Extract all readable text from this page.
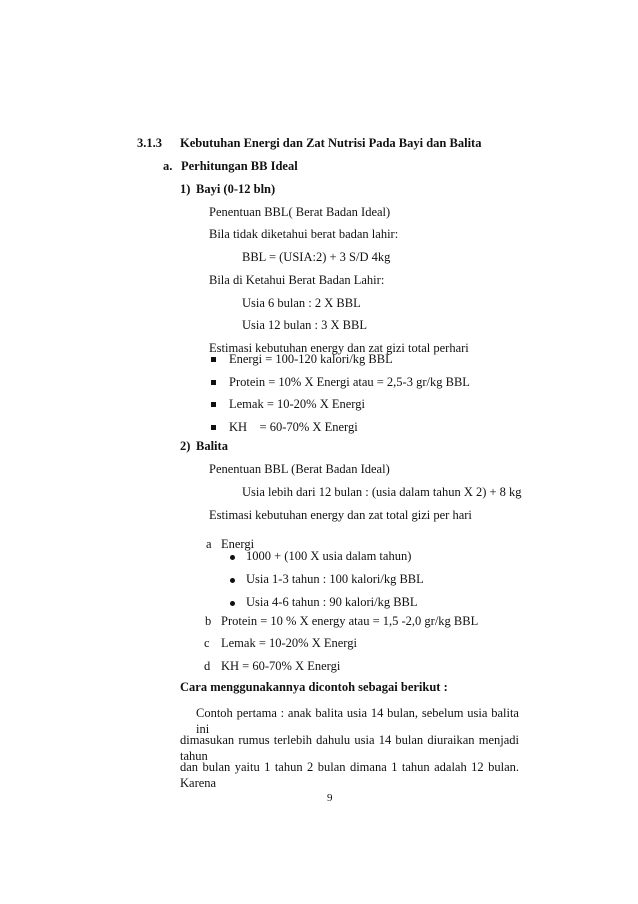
3.1.3 Kebutuhan Energi dan Zat Nutrisi Pada Bayi dan Balita
a. Perhitungan BB Ideal
1) Bayi (0-12 bln)
Penentuan BBL( Berat Badan Ideal)
Bila tidak diketahui berat badan lahir:
BBL = (USIA:2) + 3 S/D 4kg
Bila di Ketahui Berat Badan Lahir:
Usia 6 bulan : 2 X BBL
Usia 12 bulan : 3 X BBL
Estimasi kebutuhan energy dan zat gizi total perhari
Energi = 100-120 kalori/kg BBL
Protein = 10% X Energi atau = 2,5-3 gr/kg BBL
Lemak = 10-20% X Energi
KH    = 60-70% X Energi
2) Balita
Penentuan BBL (Berat Badan Ideal)
Usia lebih dari 12 bulan : (usia dalam tahun X 2) + 8 kg
Estimasi kebutuhan energy dan zat total gizi per hari
a Energi
1000 + (100 X usia dalam tahun)
Usia 1-3 tahun : 100 kalori/kg BBL
Usia 4-6 tahun : 90 kalori/kg BBL
b Protein = 10 % X energy atau = 1,5 -2,0 gr/kg BBL
c Lemak = 10-20% X Energi
d KH = 60-70% X Energi
Cara menggunakannya dicontoh sebagai berikut :
Contoh pertama : anak balita usia 14 bulan, sebelum usia balita ini
dimasukan rumus terlebih dahulu usia 14 bulan diuraikan menjadi tahun
dan bulan yaitu 1 tahun 2 bulan dimana 1 tahun adalah 12 bulan. Karena
9
